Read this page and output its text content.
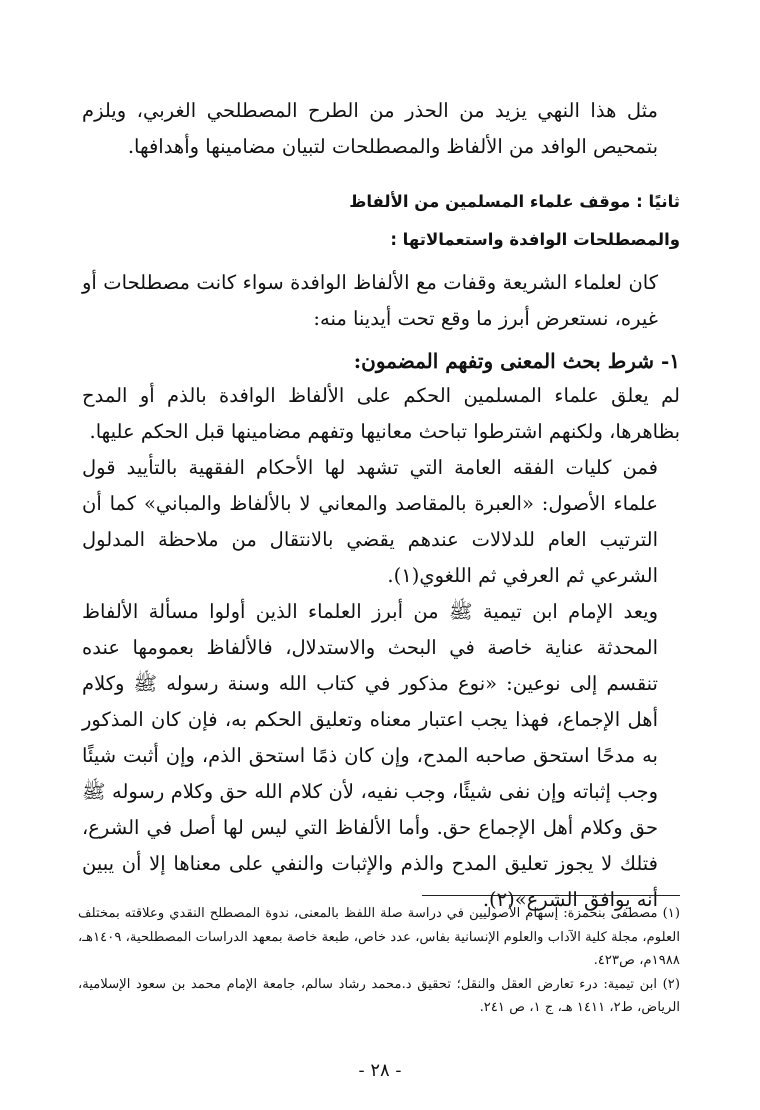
مثل هذا النهي يزيد من الحذر من الطرح المصطلحي الغربي، ويلزم بتمحيص الوافد من الألفاظ والمصطلحات لتبيان مضامينها وأهدافها.

ثانيًا : موقف علماء المسلمين من الألفاظ
والمصطلحات الوافدة واستعمالاتها :

كان لعلماء الشريعة وقفات مع الألفاظ الوافدة سواء كانت مصطلحات أو غيره، نستعرض أبرز ما وقع تحت أيدينا منه:

١- شرط بحث المعنى وتفهم المضمون:

لم يعلق علماء المسلمين الحكم على الألفاظ الوافدة بالذم أو المدح بظاهرها، ولكنهم اشترطوا تباحث معانيها وتفهم مضامينها قبل الحكم عليها.

فمن كليات الفقه العامة التي تشهد لها الأحكام الفقهية بالتأييد قول علماء الأصول: «العبرة بالمقاصد والمعاني لا بالألفاظ والمباني» كما أن الترتيب العام للدلالات عندهم يقضي بالانتقال من ملاحظة المدلول الشرعي ثم العرفي ثم اللغوي(١).

ويعد الإمام ابن تيمية ﷺ من أبرز العلماء الذين أولوا مسألة الألفاظ المحدثة عناية خاصة في البحث والاستدلال، فالألفاظ بعمومها عنده تنقسم إلى نوعين: «نوع مذكور في كتاب الله وسنة رسوله ﷺ وكلام أهل الإجماع، فهذا يجب اعتبار معناه وتعليق الحكم به، فإن كان المذكور به مدحًا استحق صاحبه المدح، وإن كان ذمًا استحق الذم، وإن أثبت شيئًا وجب إثباته وإن نفى شيئًا، وجب نفيه، لأن كلام الله حق وكلام رسوله ﷺ حق وكلام أهل الإجماع حق. وأما الألفاظ التي ليس لها أصل في الشرع، فتلك لا يجوز تعليق المدح والذم والإثبات والنفي على معناها إلا أن يبين أنه يوافق الشرع»(٢).

(١) مصطفى بنحمزة: إسهام الأصوليين في دراسة صلة اللفظ بالمعنى، ندوة المصطلح النقدي وعلاقته بمختلف العلوم، مجلة كلية الآداب والعلوم الإنسانية بفاس، عدد خاص، طبعة خاصة بمعهد الدراسات المصطلحية، ١٤٠٩هـ، ١٩٨٨م، ص٤٢٣.

(٢) ابن تيمية: درء تعارض العقل والنقل؛ تحقيق د.محمد رشاد سالم، جامعة الإمام محمد بن سعود الإسلامية، الرياض، ط٢، ١٤١١ هـ، ج ١، ص ٢٤١.

- ٢٨ -
